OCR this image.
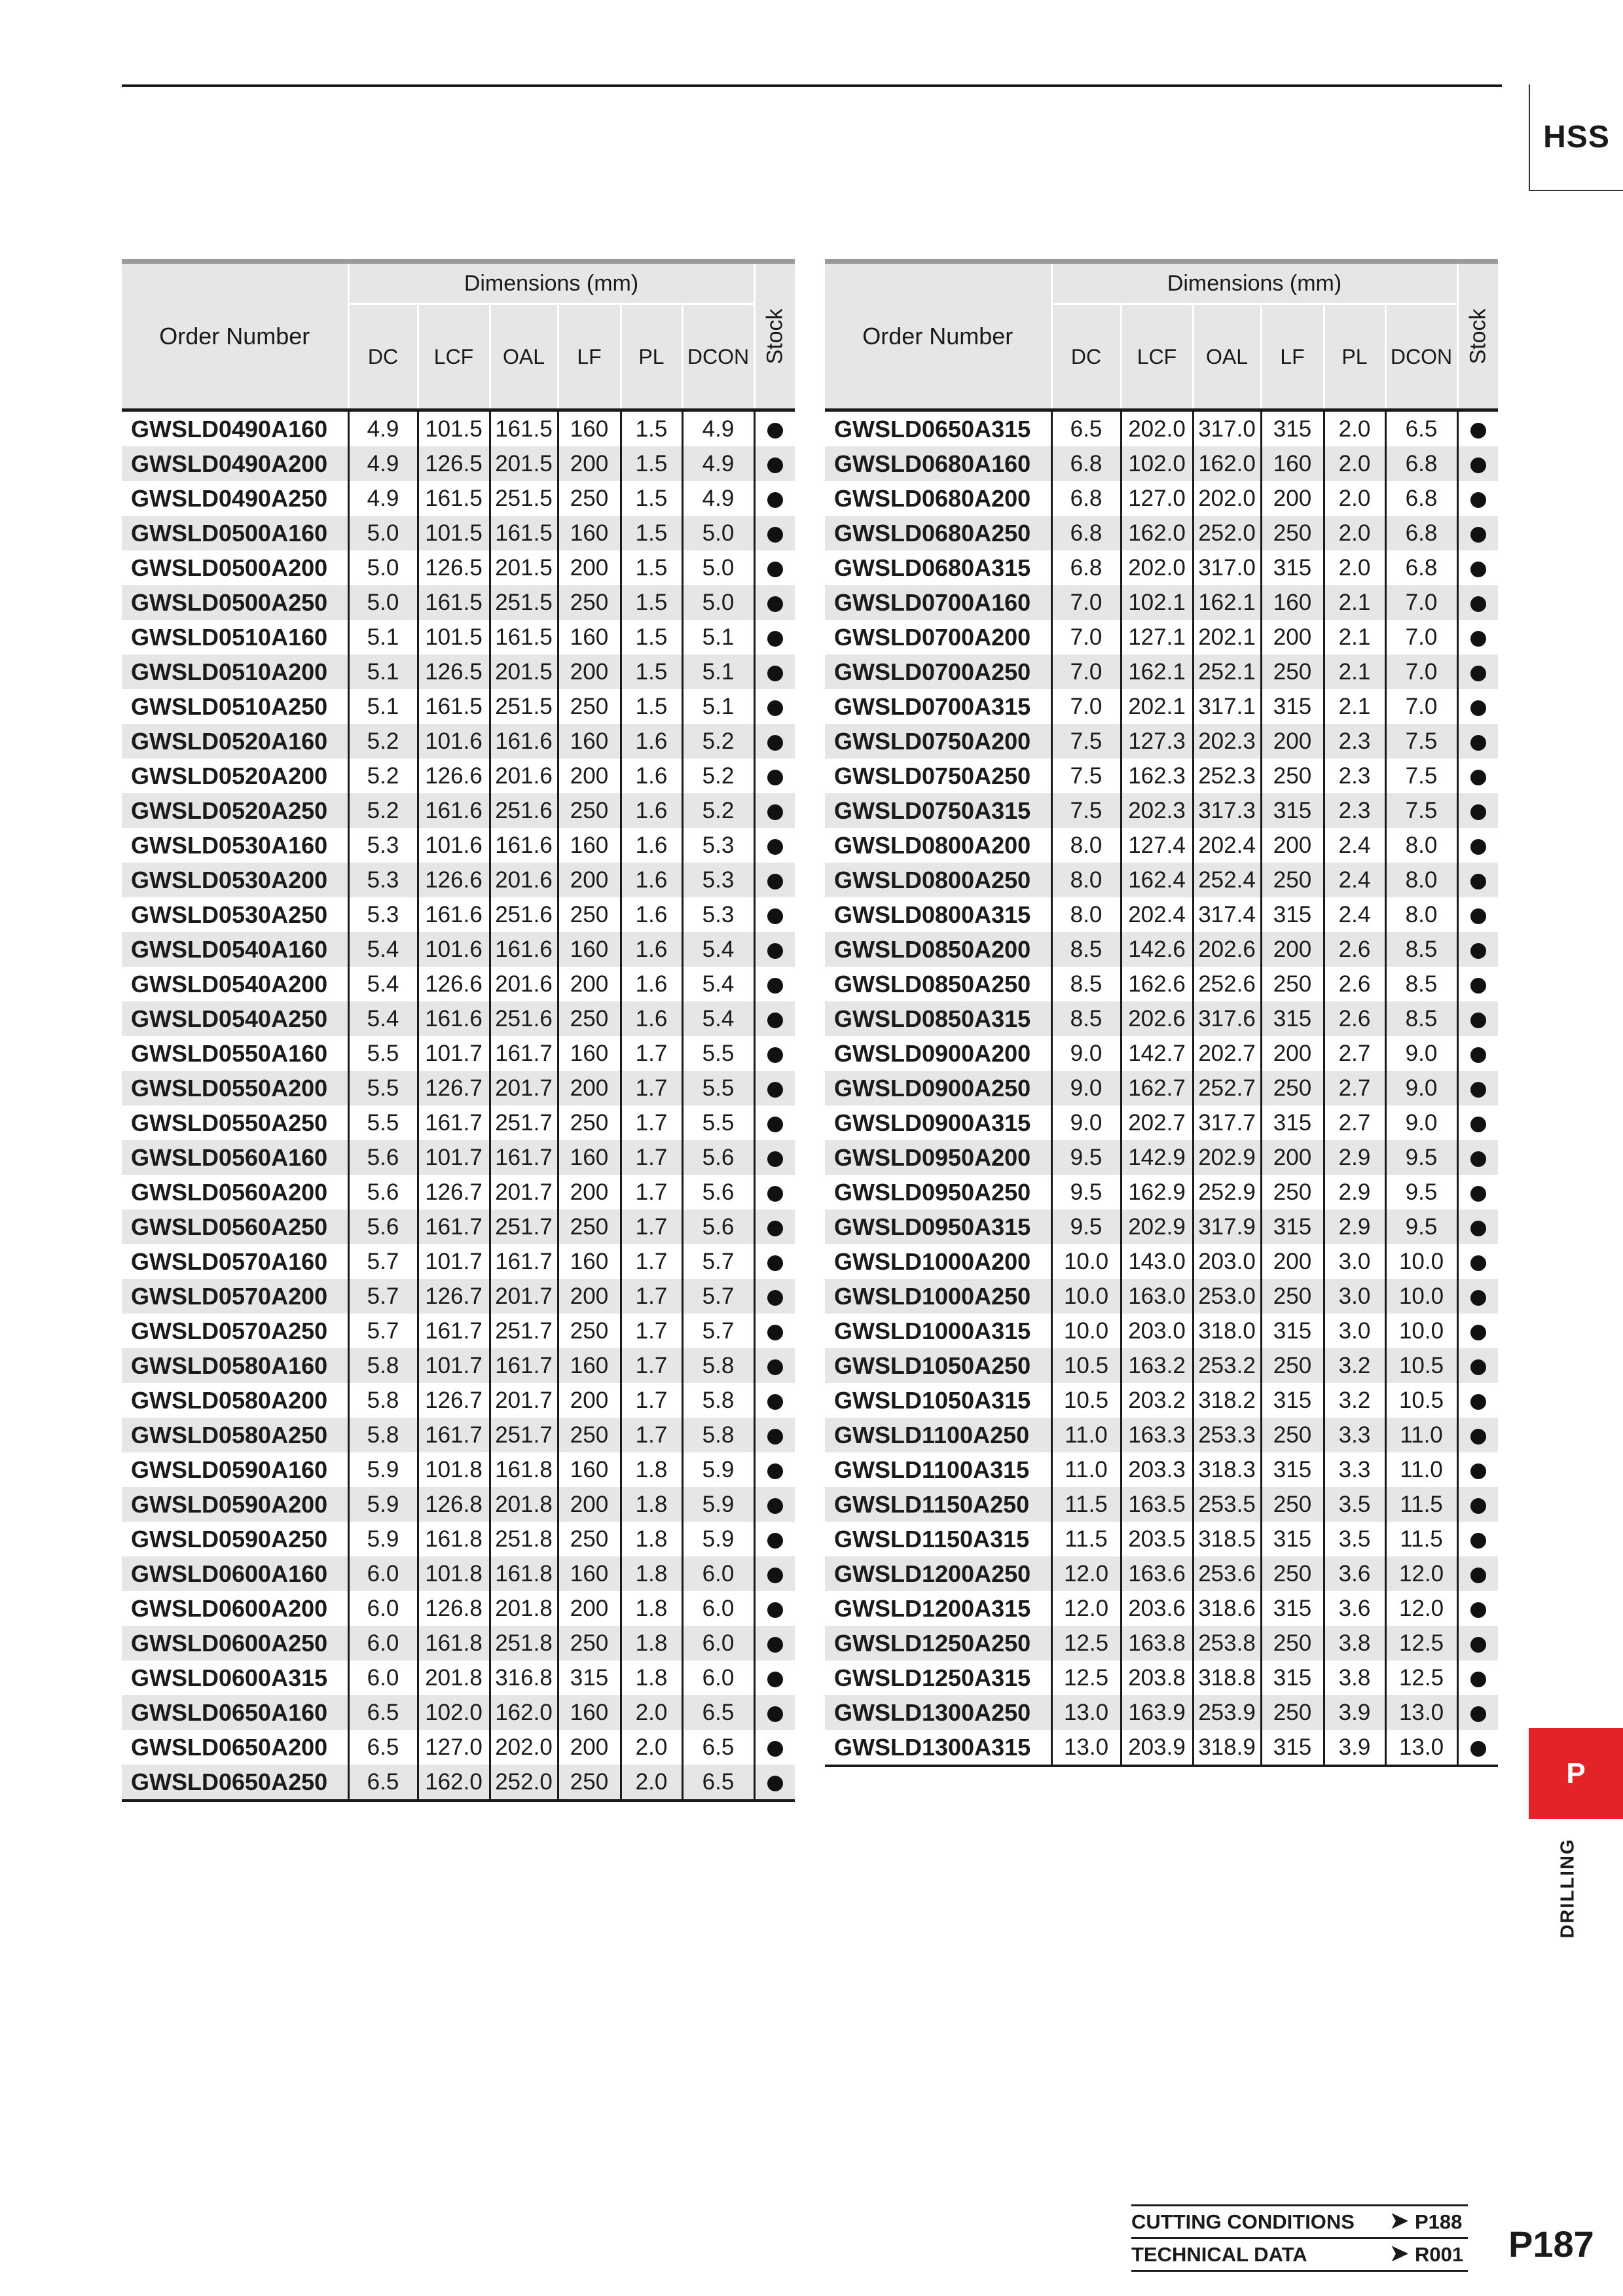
HSS
Order Number	Dimensions (mm)						Stock

	DC	LCF	OAL	LF	PL	DCON	
GWSLD0490A160	4.9	101.5	161.5	160	1.5	4.9	
GWSLD0490A200	4.9	126.5	201.5	200	1.5	4.9	
GWSLD0490A250	4.9	161.5	251.5	250	1.5	4.9	
GWSLD0500A160	5.0	101.5	161.5	160	1.5	5.0	
GWSLD0500A200	5.0	126.5	201.5	200	1.5	5.0	
GWSLD0500A250	5.0	161.5	251.5	250	1.5	5.0	
GWSLD0510A160	5.1	101.5	161.5	160	1.5	5.1	
GWSLD0510A200	5.1	126.5	201.5	200	1.5	5.1	
GWSLD0510A250	5.1	161.5	251.5	250	1.5	5.1	
GWSLD0520A160	5.2	101.6	161.6	160	1.6	5.2	
GWSLD0520A200	5.2	126.6	201.6	200	1.6	5.2	
GWSLD0520A250	5.2	161.6	251.6	250	1.6	5.2	
GWSLD0530A160	5.3	101.6	161.6	160	1.6	5.3	
GWSLD0530A200	5.3	126.6	201.6	200	1.6	5.3	
GWSLD0530A250	5.3	161.6	251.6	250	1.6	5.3	
GWSLD0540A160	5.4	101.6	161.6	160	1.6	5.4	
GWSLD0540A200	5.4	126.6	201.6	200	1.6	5.4	
GWSLD0540A250	5.4	161.6	251.6	250	1.6	5.4	
GWSLD0550A160	5.5	101.7	161.7	160	1.7	5.5	
GWSLD0550A200	5.5	126.7	201.7	200	1.7	5.5	
GWSLD0550A250	5.5	161.7	251.7	250	1.7	5.5	
GWSLD0560A160	5.6	101.7	161.7	160	1.7	5.6	
GWSLD0560A200	5.6	126.7	201.7	200	1.7	5.6	
GWSLD0560A250	5.6	161.7	251.7	250	1.7	5.6	
GWSLD0570A160	5.7	101.7	161.7	160	1.7	5.7	
GWSLD0570A200	5.7	126.7	201.7	200	1.7	5.7	
GWSLD0570A250	5.7	161.7	251.7	250	1.7	5.7	
GWSLD0580A160	5.8	101.7	161.7	160	1.7	5.8	
GWSLD0580A200	5.8	126.7	201.7	200	1.7	5.8	
GWSLD0580A250	5.8	161.7	251.7	250	1.7	5.8	
GWSLD0590A160	5.9	101.8	161.8	160	1.8	5.9	
GWSLD0590A200	5.9	126.8	201.8	200	1.8	5.9	
GWSLD0590A250	5.9	161.8	251.8	250	1.8	5.9	
GWSLD0600A160	6.0	101.8	161.8	160	1.8	6.0	
GWSLD0600A200	6.0	126.8	201.8	200	1.8	6.0	
GWSLD0600A250	6.0	161.8	251.8	250	1.8	6.0	
GWSLD0600A315	6.0	201.8	316.8	315	1.8	6.0	
GWSLD0650A160	6.5	102.0	162.0	160	2.0	6.5	
GWSLD0650A200	6.5	127.0	202.0	200	2.0	6.5	
GWSLD0650A250	6.5	162.0	252.0	250	2.0	6.5	
Order Number	Dimensions (mm)						Stock

	DC	LCF	OAL	LF	PL	DCON	
GWSLD0650A315	6.5	202.0	317.0	315	2.0	6.5	
GWSLD0680A160	6.8	102.0	162.0	160	2.0	6.8	
GWSLD0680A200	6.8	127.0	202.0	200	2.0	6.8	
GWSLD0680A250	6.8	162.0	252.0	250	2.0	6.8	
GWSLD0680A315	6.8	202.0	317.0	315	2.0	6.8	
GWSLD0700A160	7.0	102.1	162.1	160	2.1	7.0	
GWSLD0700A200	7.0	127.1	202.1	200	2.1	7.0	
GWSLD0700A250	7.0	162.1	252.1	250	2.1	7.0	
GWSLD0700A315	7.0	202.1	317.1	315	2.1	7.0	
GWSLD0750A200	7.5	127.3	202.3	200	2.3	7.5	
GWSLD0750A250	7.5	162.3	252.3	250	2.3	7.5	
GWSLD0750A315	7.5	202.3	317.3	315	2.3	7.5	
GWSLD0800A200	8.0	127.4	202.4	200	2.4	8.0	
GWSLD0800A250	8.0	162.4	252.4	250	2.4	8.0	
GWSLD0800A315	8.0	202.4	317.4	315	2.4	8.0	
GWSLD0850A200	8.5	142.6	202.6	200	2.6	8.5	
GWSLD0850A250	8.5	162.6	252.6	250	2.6	8.5	
GWSLD0850A315	8.5	202.6	317.6	315	2.6	8.5	
GWSLD0900A200	9.0	142.7	202.7	200	2.7	9.0	
GWSLD0900A250	9.0	162.7	252.7	250	2.7	9.0	
GWSLD0900A315	9.0	202.7	317.7	315	2.7	9.0	
GWSLD0950A200	9.5	142.9	202.9	200	2.9	9.5	
GWSLD0950A250	9.5	162.9	252.9	250	2.9	9.5	
GWSLD0950A315	9.5	202.9	317.9	315	2.9	9.5	
GWSLD1000A200	10.0	143.0	203.0	200	3.0	10.0	
GWSLD1000A250	10.0	163.0	253.0	250	3.0	10.0	
GWSLD1000A315	10.0	203.0	318.0	315	3.0	10.0	
GWSLD1050A250	10.5	163.2	253.2	250	3.2	10.5	
GWSLD1050A315	10.5	203.2	318.2	315	3.2	10.5	
GWSLD1100A250	11.0	163.3	253.3	250	3.3	11.0	
GWSLD1100A315	11.0	203.3	318.3	315	3.3	11.0	
GWSLD1150A250	11.5	163.5	253.5	250	3.5	11.5	
GWSLD1150A315	11.5	203.5	318.5	315	3.5	11.5	
GWSLD1200A250	12.0	163.6	253.6	250	3.6	12.0	
GWSLD1200A315	12.0	203.6	318.6	315	3.6	12.0	
GWSLD1250A250	12.5	163.8	253.8	250	3.8	12.5	
GWSLD1250A315	12.5	203.8	318.8	315	3.8	12.5	
GWSLD1300A250	13.0	163.9	253.9	250	3.9	13.0	
GWSLD1300A315	13.0	203.9	318.9	315	3.9	13.0	
P
DRILLING
CUTTING CONDITIONS ➤ P188
TECHNICAL DATA	➤ R001 P187
